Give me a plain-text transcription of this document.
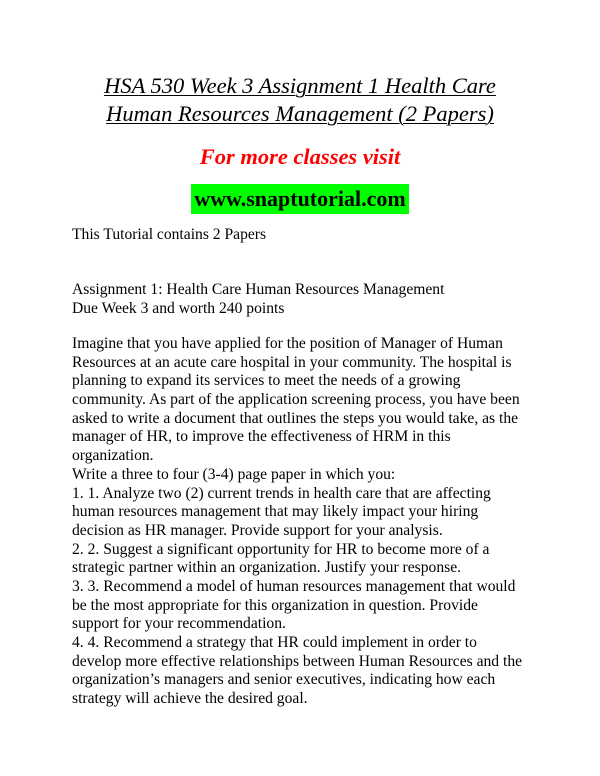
HSA 530 Week 3 Assignment 1 Health Care
Human Resources Management (2 Papers)
For more classes visit
www.snaptutorial.com
This Tutorial contains 2 Papers
Assignment 1: Health Care Human Resources Management
Due Week 3 and worth 240 points
Imagine that you have applied for the position of Manager of Human
Resources at an acute care hospital in your community. The hospital is
planning to expand its services to meet the needs of a growing
community. As part of the application screening process, you have been
asked to write a document that outlines the steps you would take, as the
manager of HR, to improve the effectiveness of HRM in this
organization.
Write a three to four (3-4) page paper in which you:
1. 1. Analyze two (2) current trends in health care that are affecting
human resources management that may likely impact your hiring
decision as HR manager. Provide support for your analysis.
2. 2. Suggest a significant opportunity for HR to become more of a
strategic partner within an organization. Justify your response.
3. 3. Recommend a model of human resources management that would
be the most appropriate for this organization in question. Provide
support for your recommendation.
4. 4. Recommend a strategy that HR could implement in order to
develop more effective relationships between Human Resources and the
organization’s managers and senior executives, indicating how each
strategy will achieve the desired goal.
